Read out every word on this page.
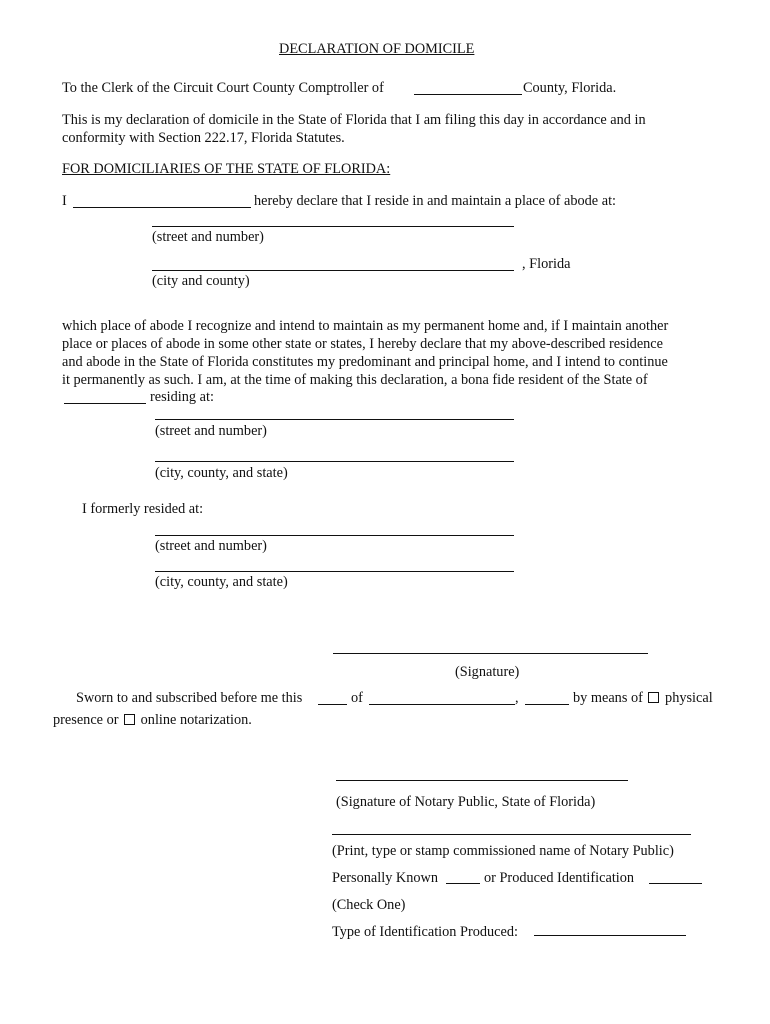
DECLARATION OF DOMICILE
To the Clerk of the Circuit Court County Comptroller of	County, Florida.
This is my declaration of domicile in the State of Florida that I am filing this day in accordance and in
conformity with Section 222.17, Florida Statutes.
FOR DOMICILIARIES OF THE STATE OF FLORIDA:
I	hereby declare that I reside in and maintain a place of abode at:
(street and number)
, Florida
(city and county)
which place of abode I recognize and intend to maintain as my permanent home and, if I maintain another
place or places of abode in some other state or states, I hereby declare that my above-described residence
and abode in the State of Florida constitutes my predominant and principal home, and I intend to continue
it permanently as such. I am, at the time of making this declaration, a bona fide resident of the State of
residing at:
(street and number)
(city, county, and state)
I formerly resided at:
(street and number)
(city, county, and state)
(Signature)
Sworn to and subscribed before me this	of	,	by means of physical
presence or online notarization.
(Signature of Notary Public, State of Florida)
(Print, type or stamp commissioned name of Notary Public)
Personally Known	or Produced Identification
(Check One)
Type of Identification Produced:
